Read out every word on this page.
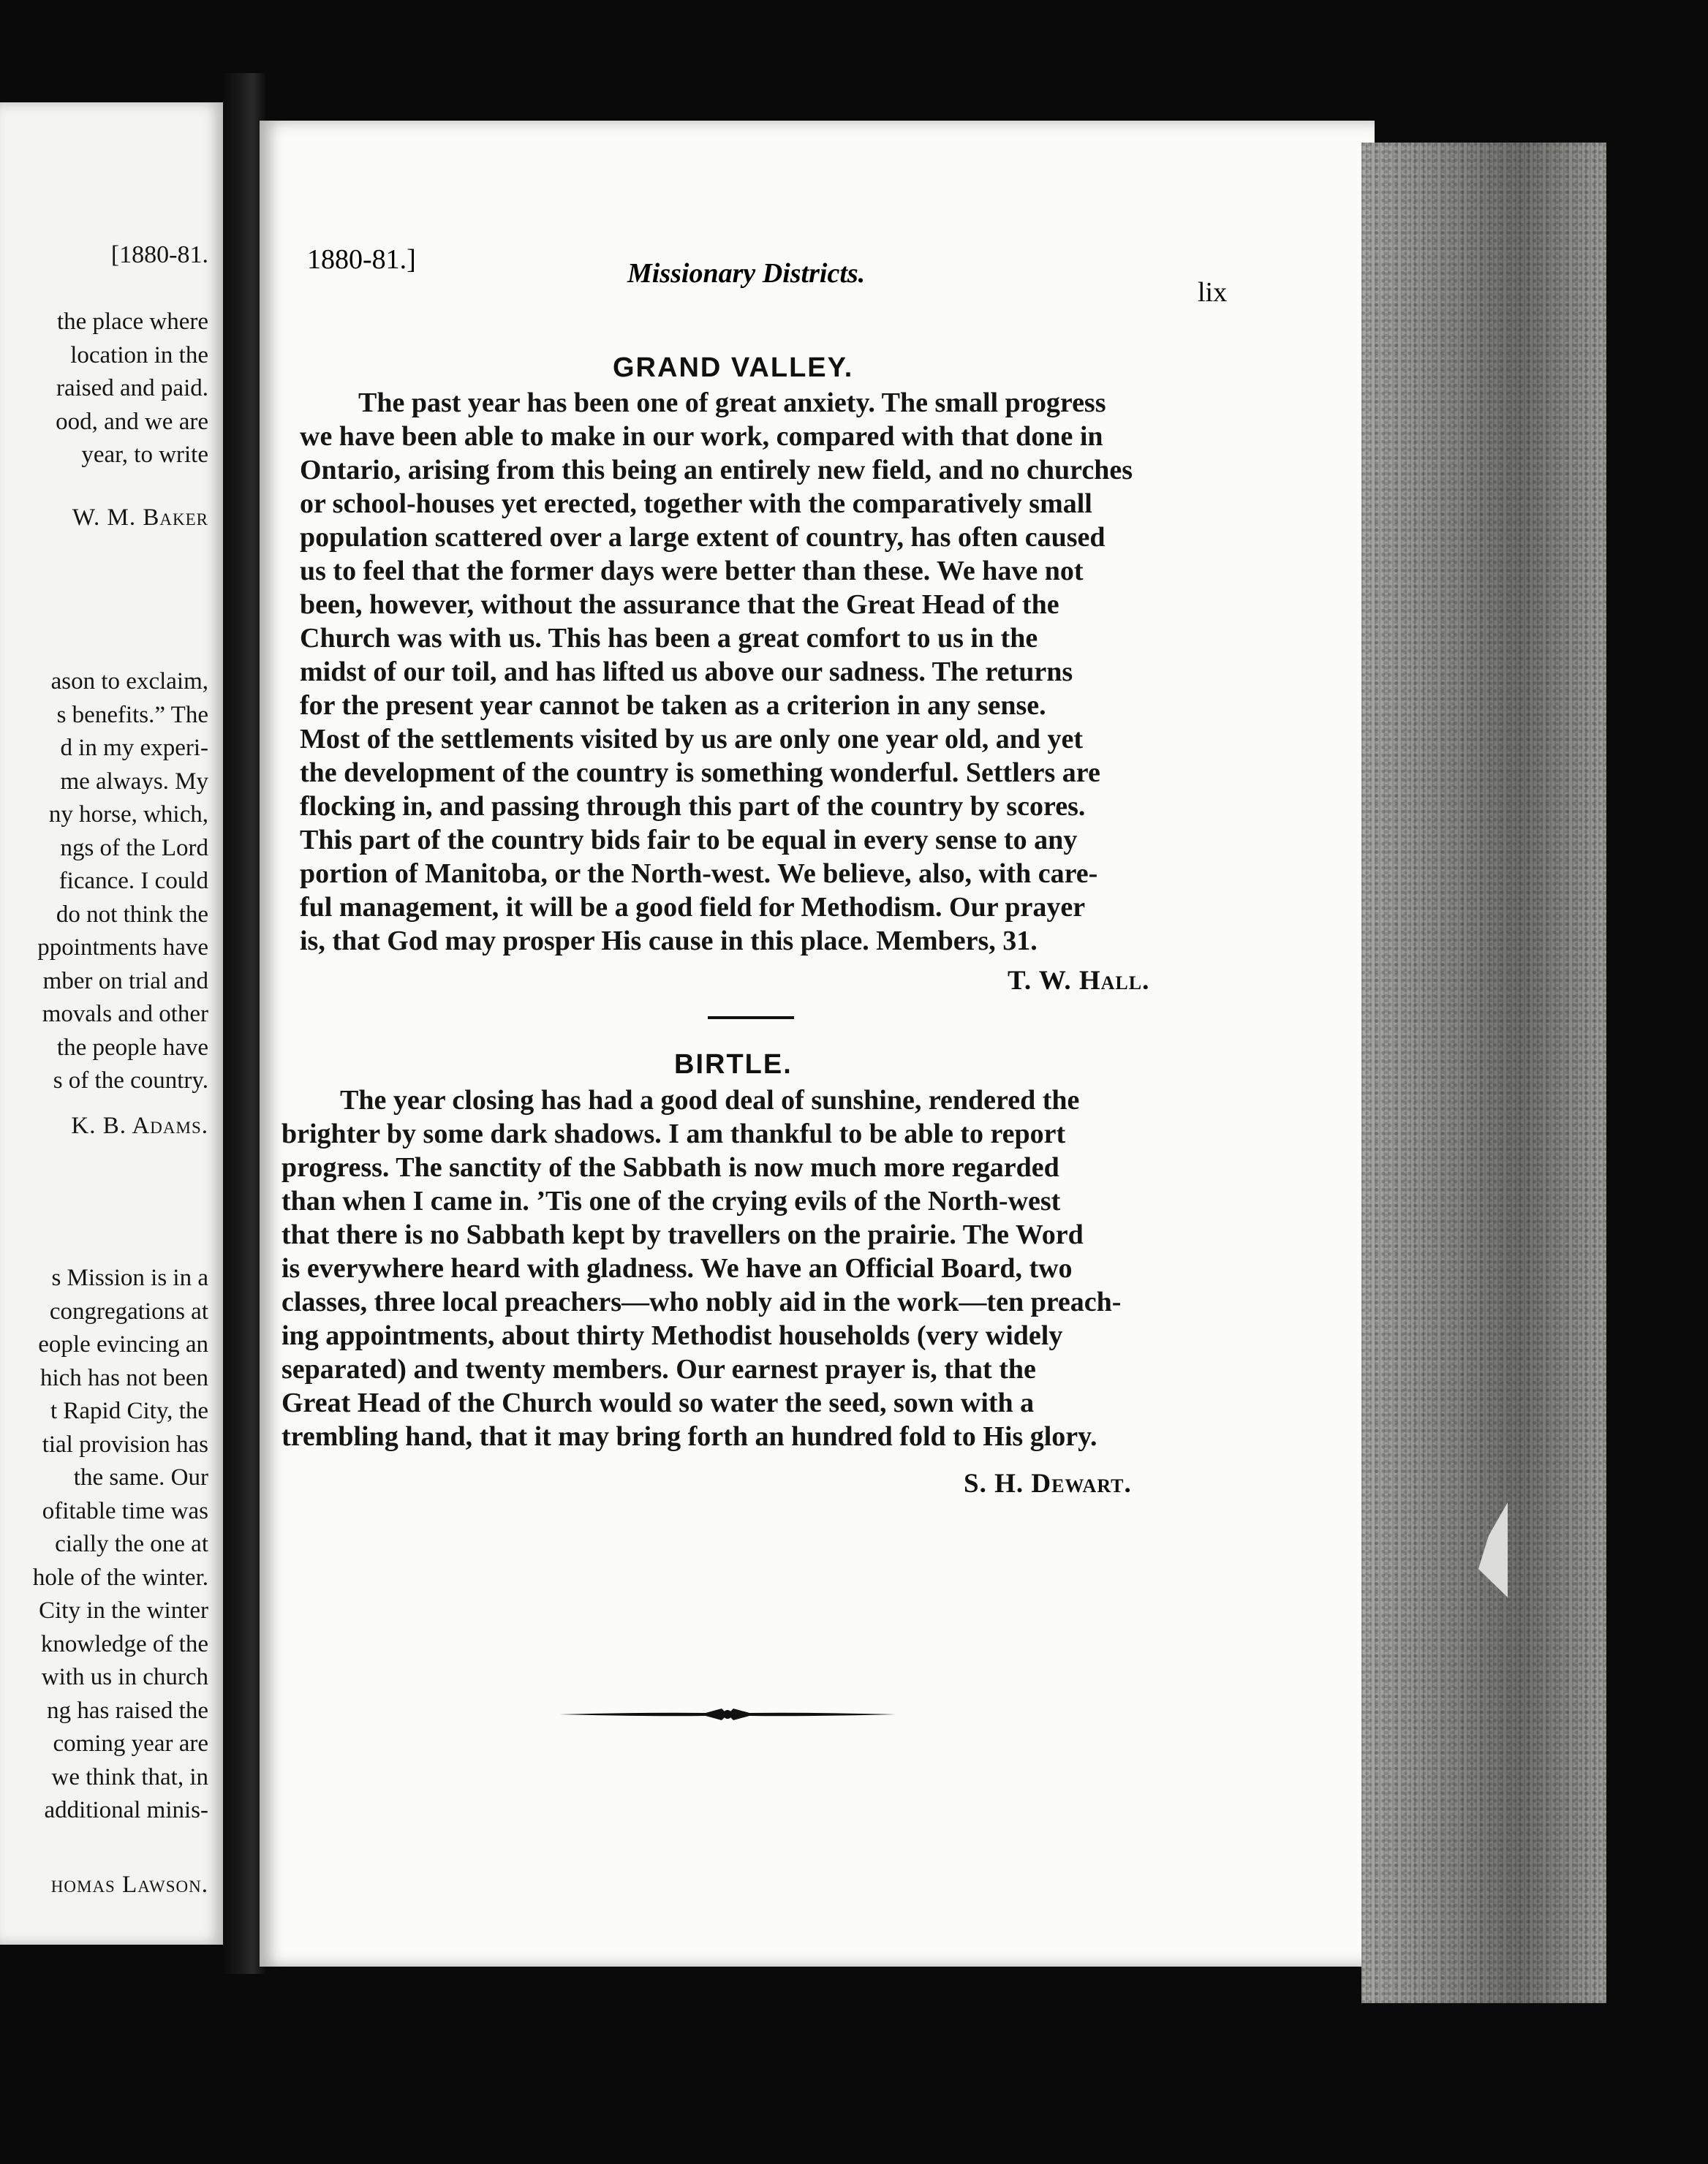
[1880-81.
the place where
location in the
raised and paid.
ood, and we are
year, to write
W. M. Baker
ason to exclaim,
s benefits.” The
d in my experi-
me always. My
ny horse, which,
ngs of the Lord
ficance. I could
do not think the
ppointments have
mber on trial and
movals and other
the people have
s of the country.
K. B. Adams.
s Mission is in a
congregations at
eople evincing an
hich has not been
t Rapid City, the
tial provision has
the same. Our
ofitable time was
cially the one at
hole of the winter.
City in the winter
knowledge of the
with us in church
ng has raised the
coming year are
we think that, in
additional minis-
homas Lawson.
1880-81.]	Missionary Districts.
lix
GRAND VALLEY.
The past year has been one of great anxiety. The small progress
we have been able to make in our work, compared with that done in
Ontario, arising from this being an entirely new field, and no churches
or school-houses yet erected, together with the comparatively small
population scattered over a large extent of country, has often caused
us to feel that the former days were better than these. We have not
been, however, without the assurance that the Great Head of the
Church was with us. This has been a great comfort to us in the
midst of our toil, and has lifted us above our sadness. The returns
for the present year cannot be taken as a criterion in any sense.
Most of the settlements visited by us are only one year old, and yet
the development of the country is something wonderful. Settlers are
flocking in, and passing through this part of the country by scores.
This part of the country bids fair to be equal in every sense to any
portion of Manitoba, or the North-west. We believe, also, with care-
ful management, it will be a good field for Methodism. Our prayer
is, that God may prosper His cause in this place. Members, 31.
T. W. Hall.
BIRTLE.
The year closing has had a good deal of sunshine, rendered the
brighter by some dark shadows. I am thankful to be able to report
progress. The sanctity of the Sabbath is now much more regarded
than when I came in. ’Tis one of the crying evils of the North-west
that there is no Sabbath kept by travellers on the prairie. The Word
is everywhere heard with gladness. We have an Official Board, two
classes, three local preachers—who nobly aid in the work—ten preach-
ing appointments, about thirty Methodist households (very widely
separated) and twenty members. Our earnest prayer is, that the
Great Head of the Church would so water the seed, sown with a
trembling hand, that it may bring forth an hundred fold to His glory.
S. H. Dewart.
